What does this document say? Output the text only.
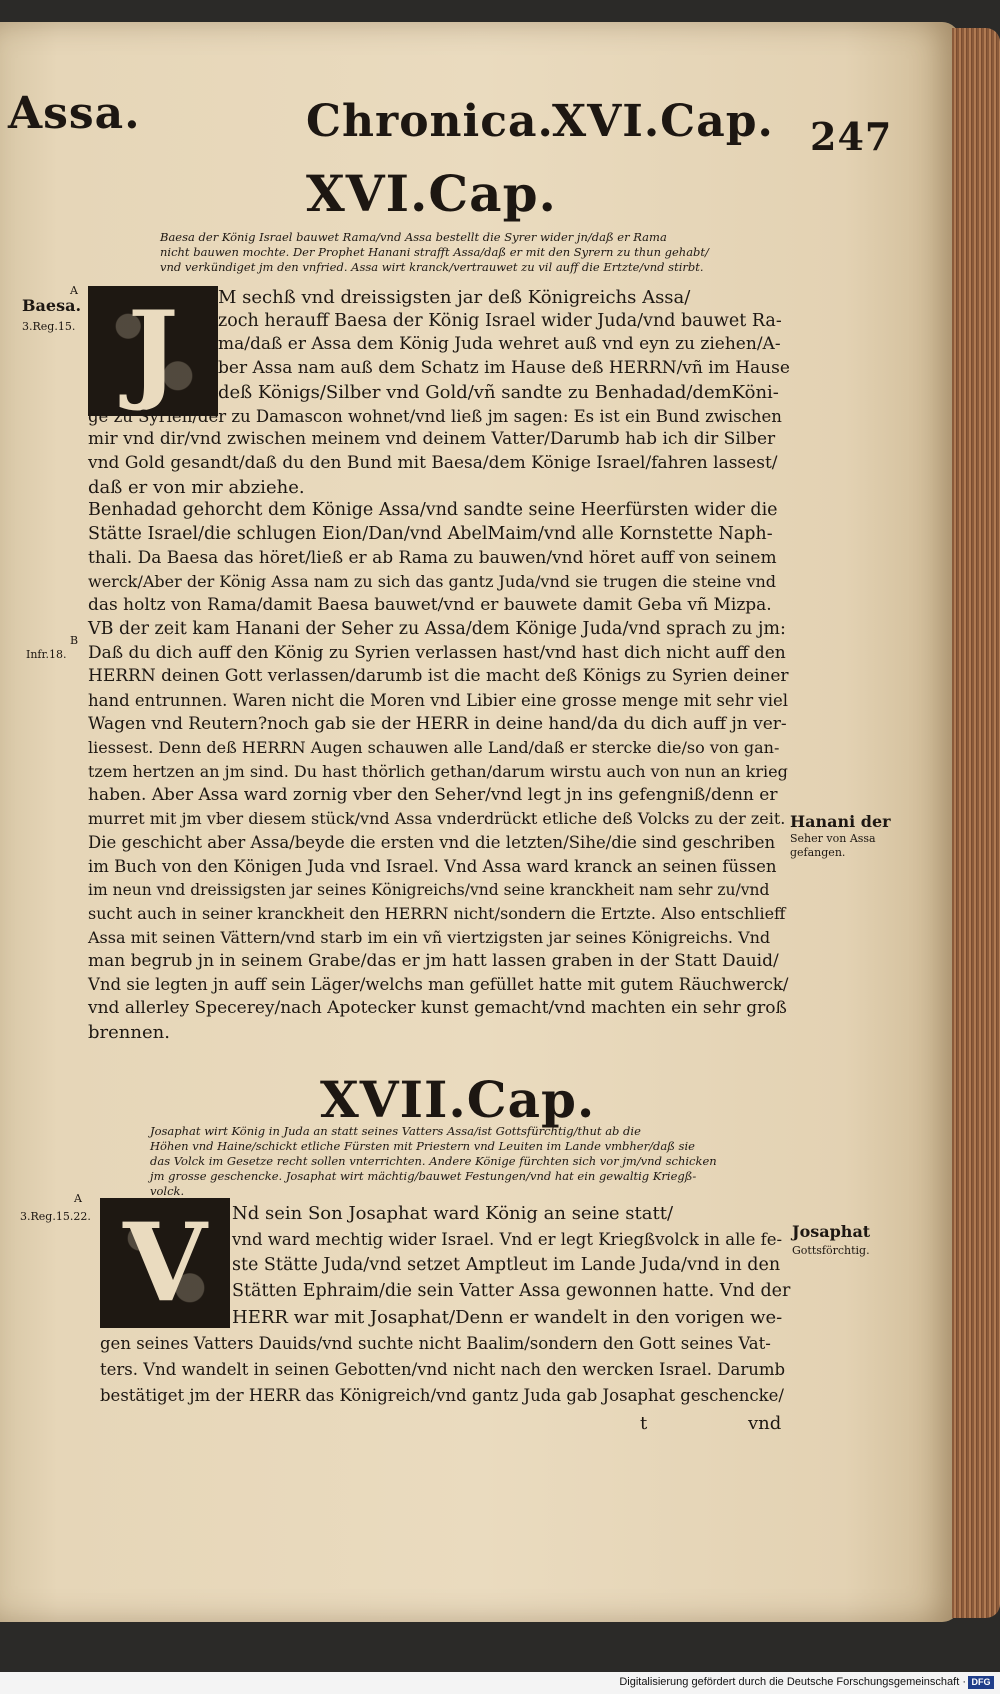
Assa.	Chronica.
XVI.Cap. 247
XVI.Cap.
Baesa der König Israel bauwet Rama/vnd Assa bestellt die Syrer wider jn/daß er Rama
nicht bauwen mochte. Der Prophet Hanani strafft Assa/daß er mit den Syrern zu thun gehabt/
vnd verkündiget jm den vnfried. Assa wirt kranck/vertrauwet zu vil auff die Ertzte/vnd stirbt.
J	M sechß vnd dreissigsten jar deß Königreichs Assa/
zoch herauff Baesa der König Israel wider Juda/vnd bauwet Ra-
ma/daß er Assa dem König Juda wehret auß vnd eyn zu ziehen/A-
ber Assa nam auß dem Schatz im Hause deß HERRN/vñ im Hause
deß Königs/Silber vnd Gold/vñ sandte zu Benhadad/demKöni-
ge zu Syrien/der zu Damascon wohnet/vnd ließ jm sagen: Es ist ein Bund zwischen
mir vnd dir/vnd zwischen meinem vnd deinem Vatter/Darumb hab ich dir Silber
vnd Gold gesandt/daß du den Bund mit Baesa/dem Könige Israel/fahren lassest/
daß er von mir abziehe.
Benhadad gehorcht dem Könige Assa/vnd sandte seine Heerfürsten wider die
Stätte Israel/die schlugen Eion/Dan/vnd AbelMaim/vnd alle Kornstette Naph-
thali. Da Baesa das höret/ließ er ab Rama zu bauwen/vnd höret auff von seinem
werck/Aber der König Assa nam zu sich das gantz Juda/vnd sie trugen die steine vnd
das holtz von Rama/damit Baesa bauwet/vnd er bauwete damit Geba vñ Mizpa.
VB der zeit kam Hanani der Seher zu Assa/dem Könige Juda/vnd sprach zu jm:
Daß du dich auff den König zu Syrien verlassen hast/vnd hast dich nicht auff den
HERRN deinen Gott verlassen/darumb ist die macht deß Königs zu Syrien deiner
hand entrunnen. Waren nicht die Moren vnd Libier eine grosse menge mit sehr viel
Wagen vnd Reutern?noch gab sie der HERR in deine hand/da du dich auff jn ver-
liessest. Denn deß HERRN Augen schauwen alle Land/daß er stercke die/so von gan-
tzem hertzen an jm sind. Du hast thörlich gethan/darum wirstu auch von nun an krieg
haben. Aber Assa ward zornig vber den Seher/vnd legt jn ins gefengniß/denn er
murret mit jm vber diesem stück/vnd Assa vnderdrückt etliche deß Volcks zu der zeit.
Die geschicht aber Assa/beyde die ersten vnd die letzten/Sihe/die sind geschriben
im Buch von den Königen Juda vnd Israel. Vnd Assa ward kranck an seinen füssen
im neun vnd dreissigsten jar seines Königreichs/vnd seine kranckheit nam sehr zu/vnd
sucht auch in seiner kranckheit den HERRN nicht/sondern die Ertzte. Also entschlieff
Assa mit seinen Vättern/vnd starb im ein vñ viertzigsten jar seines Königreichs. Vnd
man begrub jn in seinem Grabe/das er jm hatt lassen graben in der Statt Dauid/
Vnd sie legten jn auff sein Läger/welchs man gefüllet hatte mit gutem Räuchwerck/
vnd allerley Specerey/nach Apotecker kunst gemacht/vnd machten ein sehr groß
brennen.
A
Baesa.
3.Reg.15.
B
Infr.18.
Hanani der
Seher von Assa
gefangen.
A
3.Reg.15.22.
Josaphat
Gottsförchtig.
XVII.Cap.
Josaphat wirt König in Juda an statt seines Vatters Assa/ist Gottsfürchtig/thut ab die
Höhen vnd Haine/schickt etliche Fürsten mit Priestern vnd Leuiten im Lande vmbher/daß sie
das Volck im Gesetze recht sollen vnterrichten. Andere Könige fürchten sich vor jm/vnd schicken
jm grosse geschencke. Josaphat wirt mächtig/bauwet Festungen/vnd hat ein gewaltig Kriegß-
volck.
V	Nd sein Son Josaphat ward König an seine statt/
vnd ward mechtig wider Israel. Vnd er legt Kriegßvolck in alle fe-
ste Stätte Juda/vnd setzet Amptleut im Lande Juda/vnd in den
Stätten Ephraim/die sein Vatter Assa gewonnen hatte. Vnd der
HERR war mit Josaphat/Denn er wandelt in den vorigen we-
gen seines Vatters Dauids/vnd suchte nicht Baalim/sondern den Gott seines Vat-
ters. Vnd wandelt in seinen Gebotten/vnd nicht nach den wercken Israel. Darumb
bestätiget jm der HERR das Königreich/vnd gantz Juda gab Josaphat geschencke/
t	vnd
Digitalisierung gefördert durch die Deutsche Forschungsgemeinschaft · DFG
